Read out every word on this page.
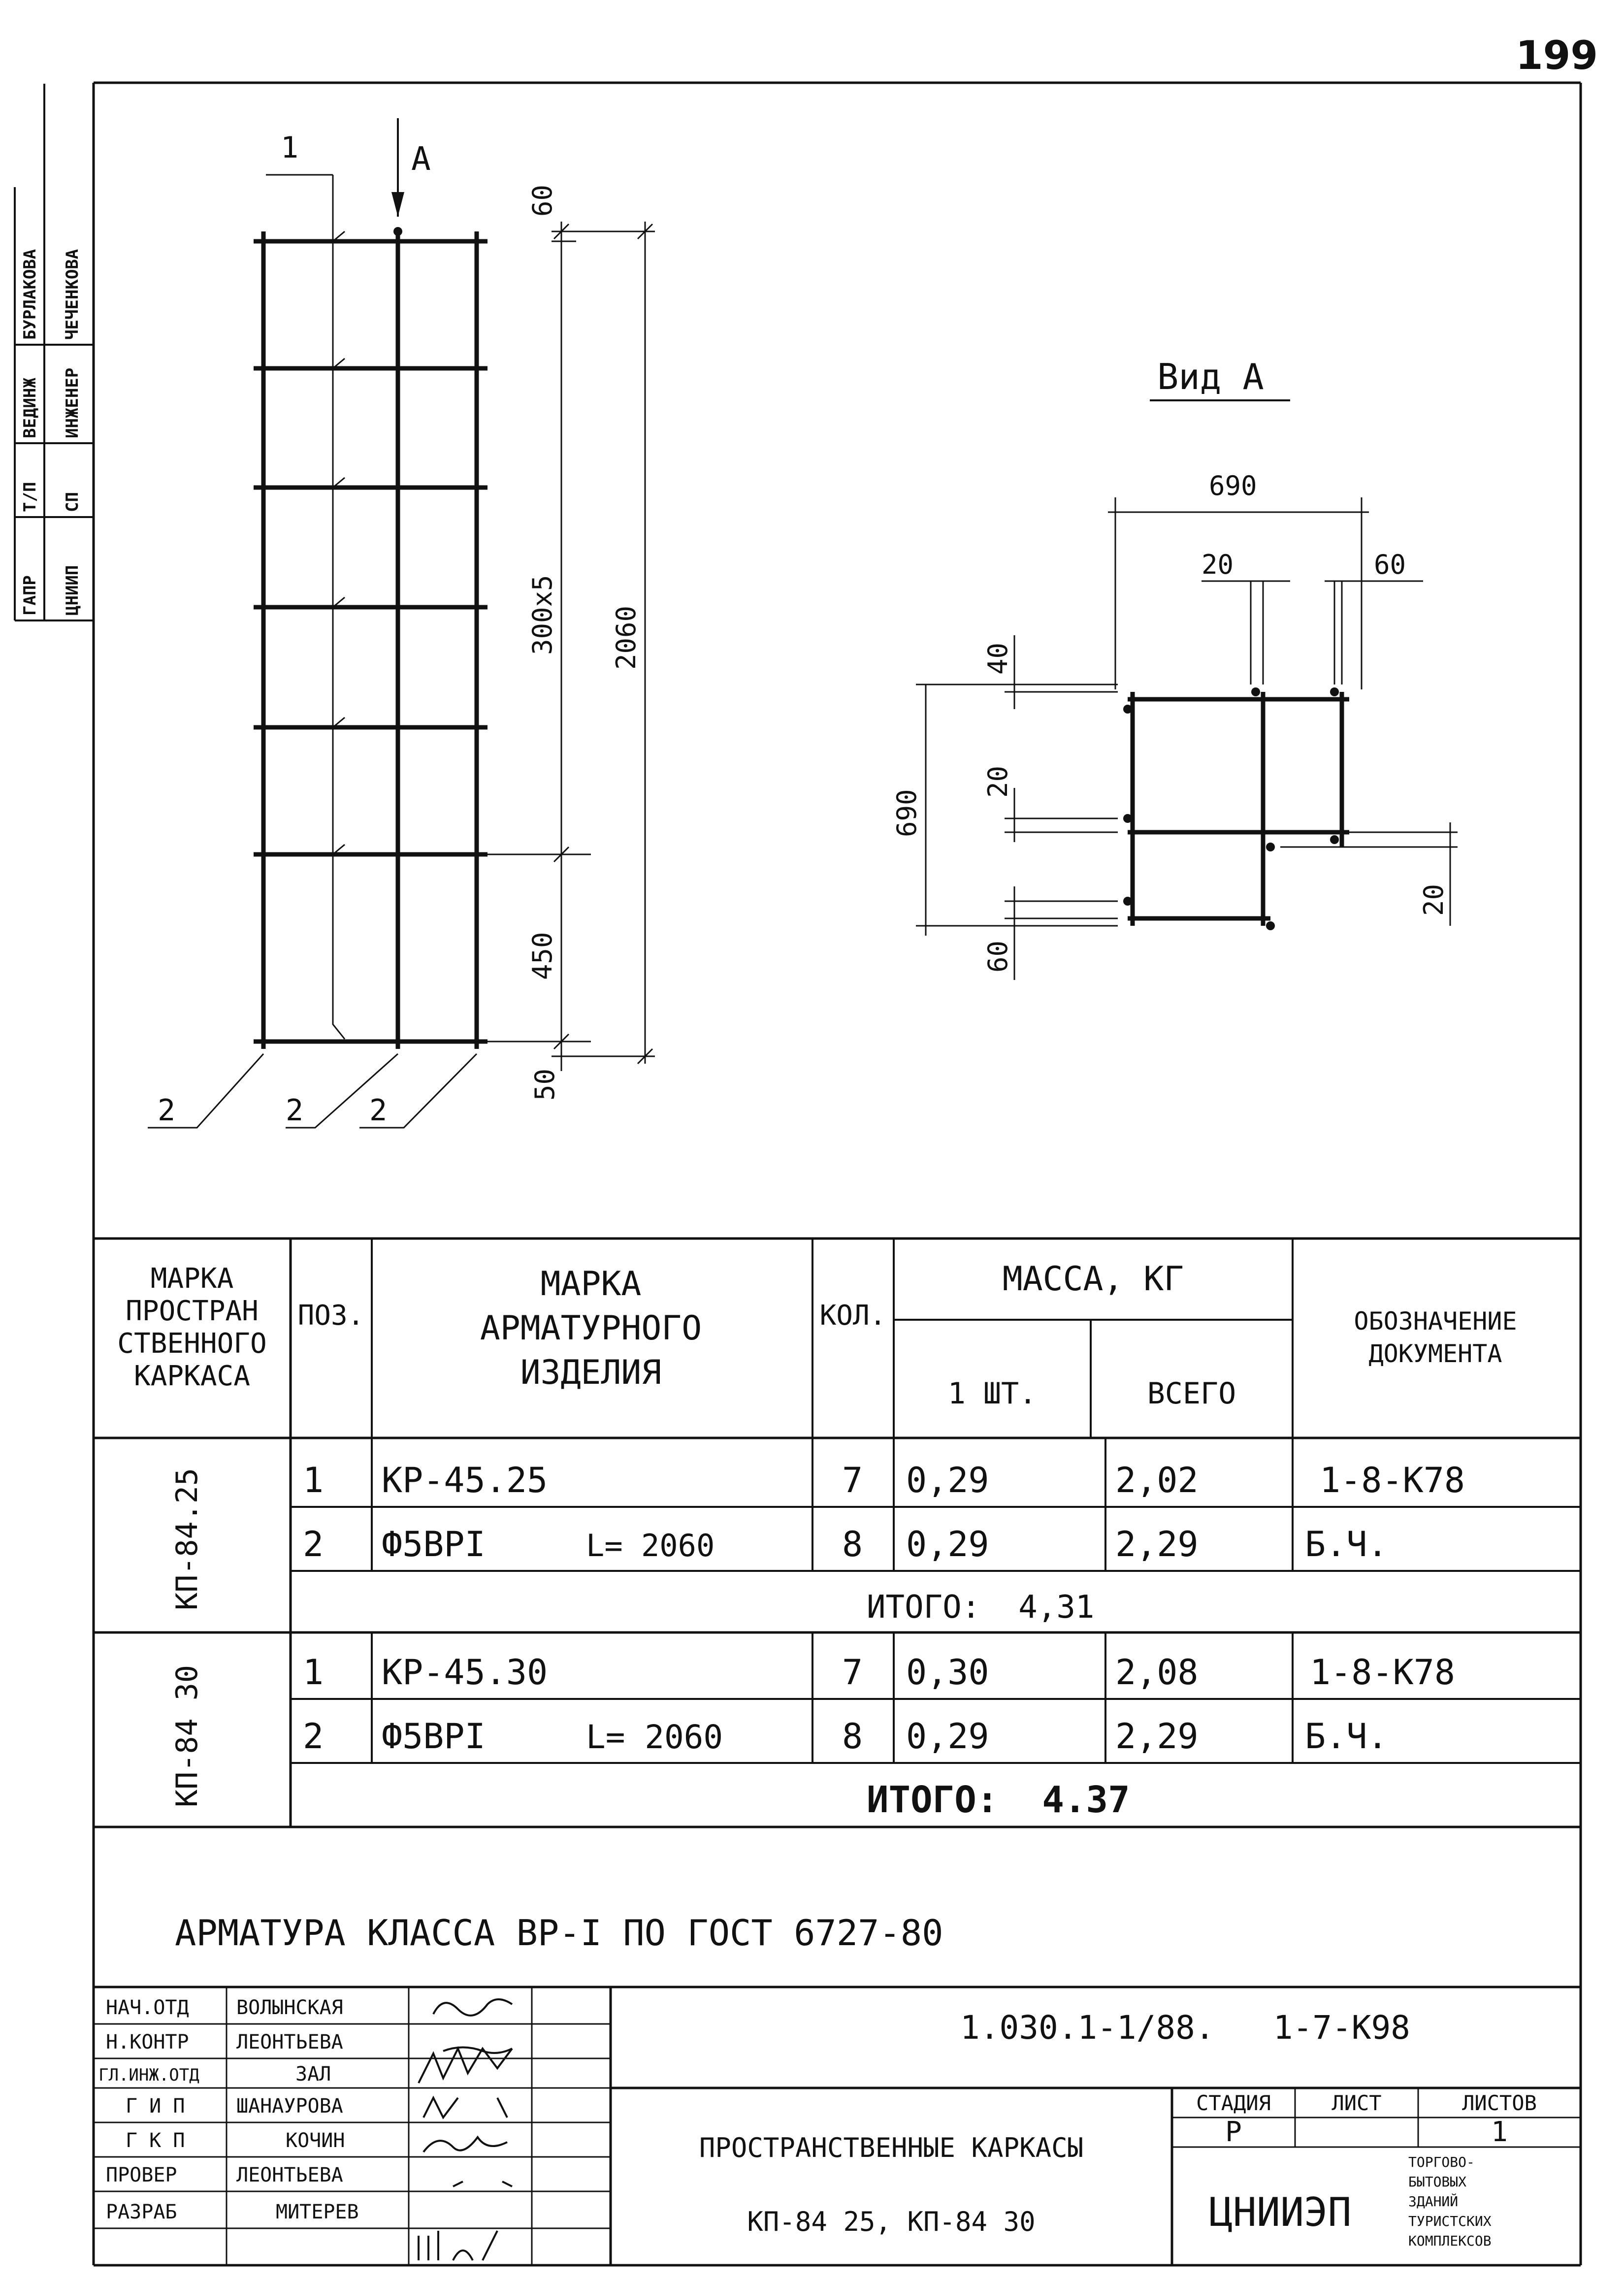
199
БУРЛАКОВА
ВЕДИНЖ
Т/П
ГАПР
ЧЕЧЕНКОВА
ИНЖЕНЕР
СП
ЦНИИП
1	А
60
300х5
450
50
2060
2	2 2
Вид А
690
20	60
690
40
20
60
20
МАРКА ПРОСТРАН СТВЕННОГО КАРКАСА
ПОЗ.
МАРКА АРМАТУРНОГО ИЗДЕЛИЯ
КОЛ.
МАССА, КГ
1 ШТ.	ВСЕГО
ОБОЗНАЧЕНИЕ ДОКУМЕНТА
КП-84.25	1 КР-45.25	7 0,29	2,02	1-8-К78
2 Ф5ВРI	L= 2060	8 0,29	2,29	Б.Ч.
ИТОГО:  4,31
КП-84 30	1 КР-45.30	7 0,30	2,08	1-8-К78
2 Ф5ВРI	L= 2060	8 0,29	2,29	Б.Ч.
ИТОГО:  4.37
АРМАТУРА КЛАССА ВР-I ПО ГОСТ 6727-80
НАЧ.ОТД ВОЛЫНСКАЯ
Н.КОНТР ЛЕОНТЬЕВА
ГЛ.ИНЖ.ОТД	ЗАЛ
Г И П	ШАНАУРОВА
Г К П	КОЧИН
ПРОВЕР	ЛЕОНТЬЕВА
РАЗРАБ	МИТЕРЕВ
1.030.1-1/88.   1-7-К98
ПРОСТРАНСТВЕННЫЕ КАРКАСЫ
КП-84 25, КП-84 30
СТАДИЯ	ЛИСТ	ЛИСТОВ
Р	1
ЦНИИЭП
ТОРГОВО-
БЫТОВЫХ
ЗДАНИЙ
ТУРИСТСКИХ
КОМПЛЕКСОВ
